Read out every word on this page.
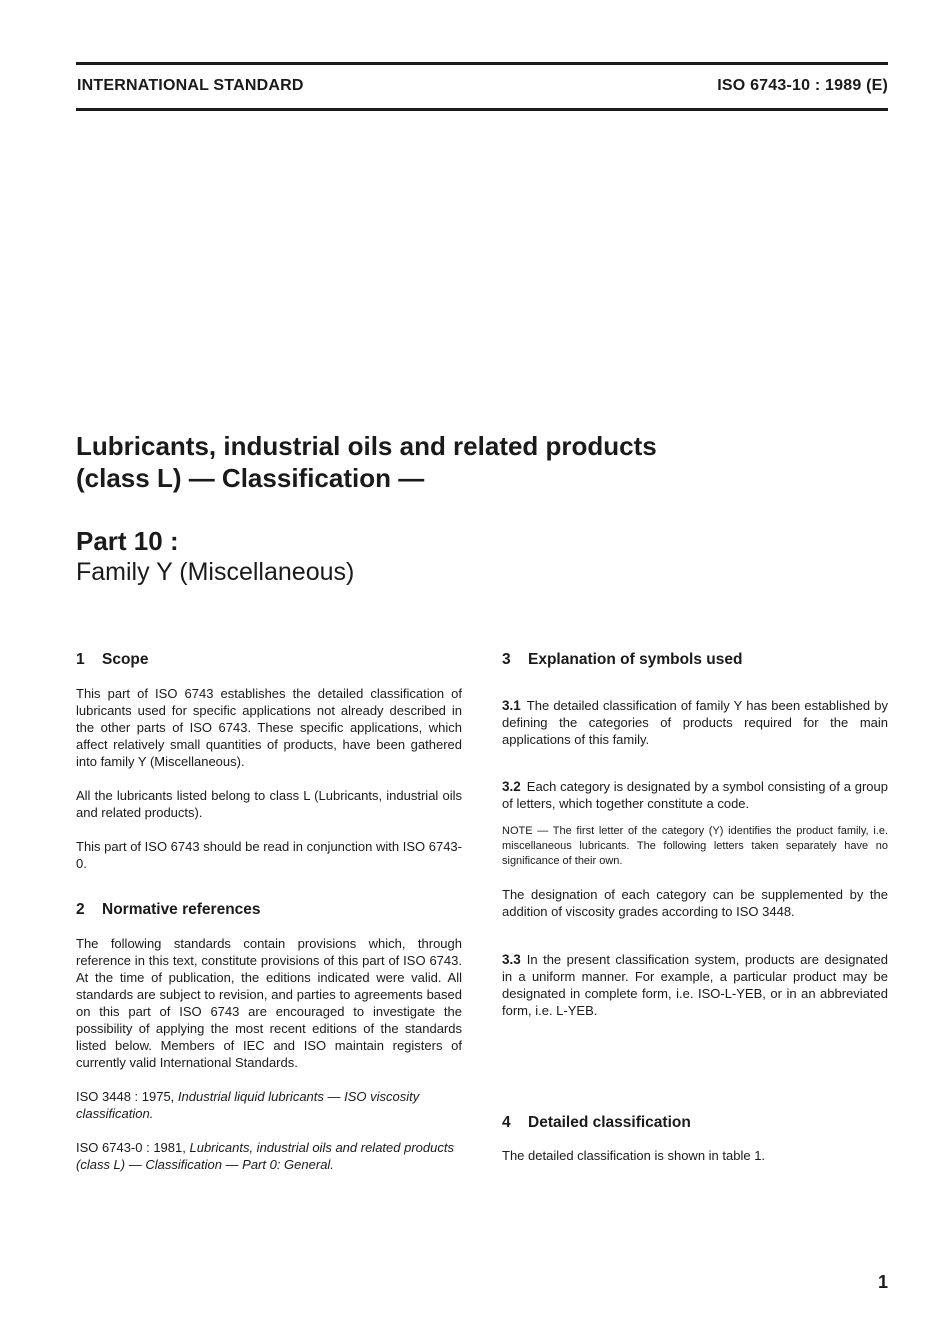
INTERNATIONAL STANDARD	ISO 6743-10 : 1989 (E)
Lubricants, industrial oils and related products
(class L) — Classification —
Part 10 :
Family Y (Miscellaneous)
1 Scope

This part of ISO 6743 establishes the detailed classification of lubricants used for specific applications not already described in the other parts of ISO 6743. These specific applications, which affect relatively small quantities of products, have been gathered into family Y (Miscellaneous).

All the lubricants listed belong to class L (Lubricants, industrial oils and related products).

This part of ISO 6743 should be read in conjunction with ISO 6743-0.

2 Normative references

The following standards contain provisions which, through reference in this text, constitute provisions of this part of ISO 6743. At the time of publication, the editions indicated were valid. All standards are subject to revision, and parties to agreements based on this part of ISO 6743 are encouraged to investigate the possibility of applying the most recent editions of the standards listed below. Members of IEC and ISO maintain registers of currently valid International Standards.

ISO 3448 : 1975, Industrial liquid lubricants — ISO viscosity classification.

ISO 6743-0 : 1981, Lubricants, industrial oils and related products (class L) — Classification — Part 0: General.

3 Explanation of symbols used

3.1 The detailed classification of family Y has been established by defining the categories of products required for the main applications of this family.

3.2 Each category is designated by a symbol consisting of a group of letters, which together constitute a code.

NOTE — The first letter of the category (Y) identifies the product family, i.e. miscellaneous lubricants. The following letters taken separately have no significance of their own.

The designation of each category can be supplemented by the addition of viscosity grades according to ISO 3448.

3.3 In the present classification system, products are designated in a uniform manner. For example, a particular product may be designated in complete form, i.e. ISO-L-YEB, or in an abbreviated form, i.e. L-YEB.

4 Detailed classification

The detailed classification is shown in table 1.

1
